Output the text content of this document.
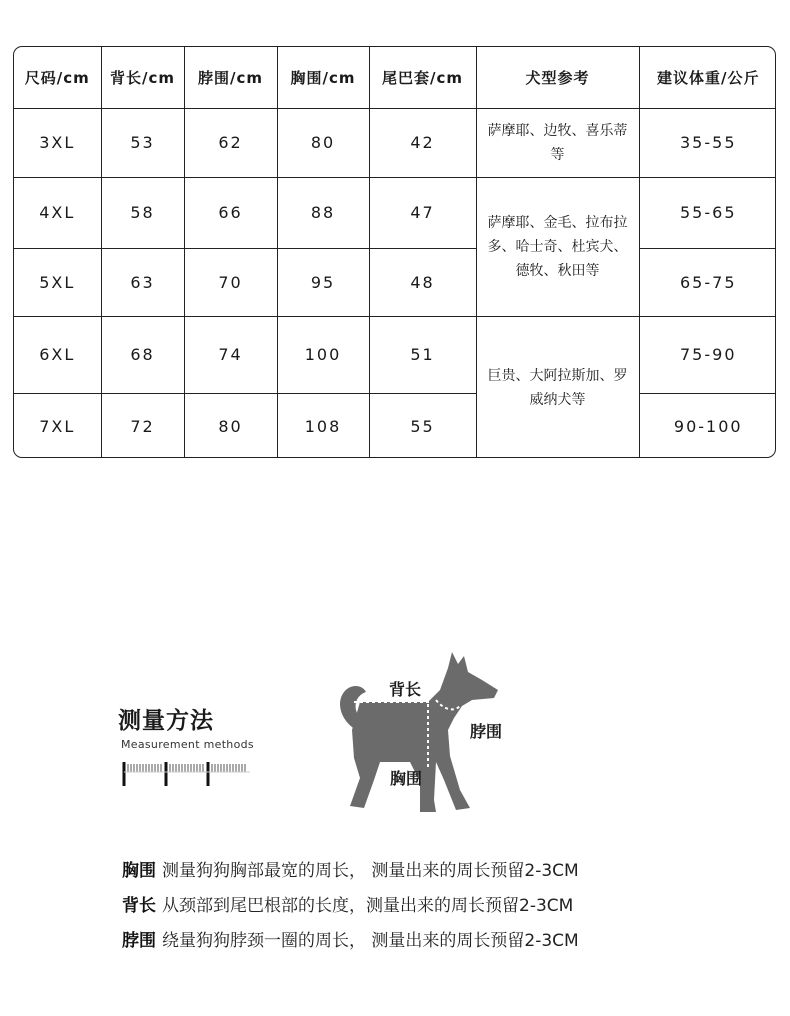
尺码/cm	背长/cm	脖围/cm	胸围/cm	尾巴套/cm	犬型参考	建议体重/公斤
3XL	53	62	80	42	萨摩耶、边牧、喜乐蒂等	35-55
4XL	58	66	88	47	萨摩耶、金毛、拉布拉多、哈士奇、杜宾犬、德牧、秋田等	55-65
5XL	63	70	95	48		65-75
6XL	68	74	100	51	巨贵、大阿拉斯加、罗威纳犬等	75-90
7XL	72	80	108	55		90-100
测量方法
Measurement methods
背长
脖围
胸围
胸围 测量狗狗胸部最宽的周长， 测量出来的周长预留2-3CM
背长 从颈部到尾巴根部的长度，测量出来的周长预留2-3CM
脖围 绕量狗狗脖颈一圈的周长， 测量出来的周长预留2-3CM
